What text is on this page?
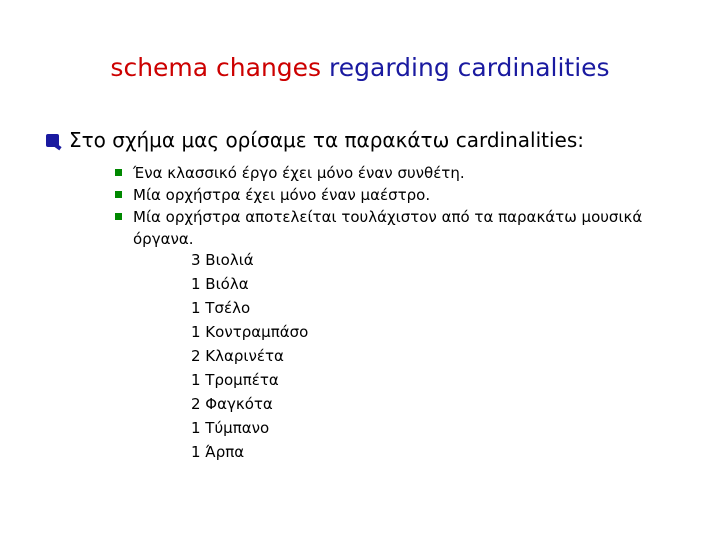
schema changes regarding cardinalities
Στο σχήμα μας ορίσαμε τα παρακάτω cardinalities:
Ένα κλασσικό έργο έχει μόνο έναν συνθέτη.
Μία ορχήστρα έχει μόνο έναν μαέστρο.
Μία ορχήστρα αποτελείται τουλάχιστον από τα παρακάτω μουσικά όργανα.
3 Βιολιά
1 Βιόλα
1 Τσέλο
1 Κοντραμπάσο
2 Κλαρινέτα
1 Τρομπέτα
2 Φαγκότα
1 Τύμπανο
1 Άρπα
